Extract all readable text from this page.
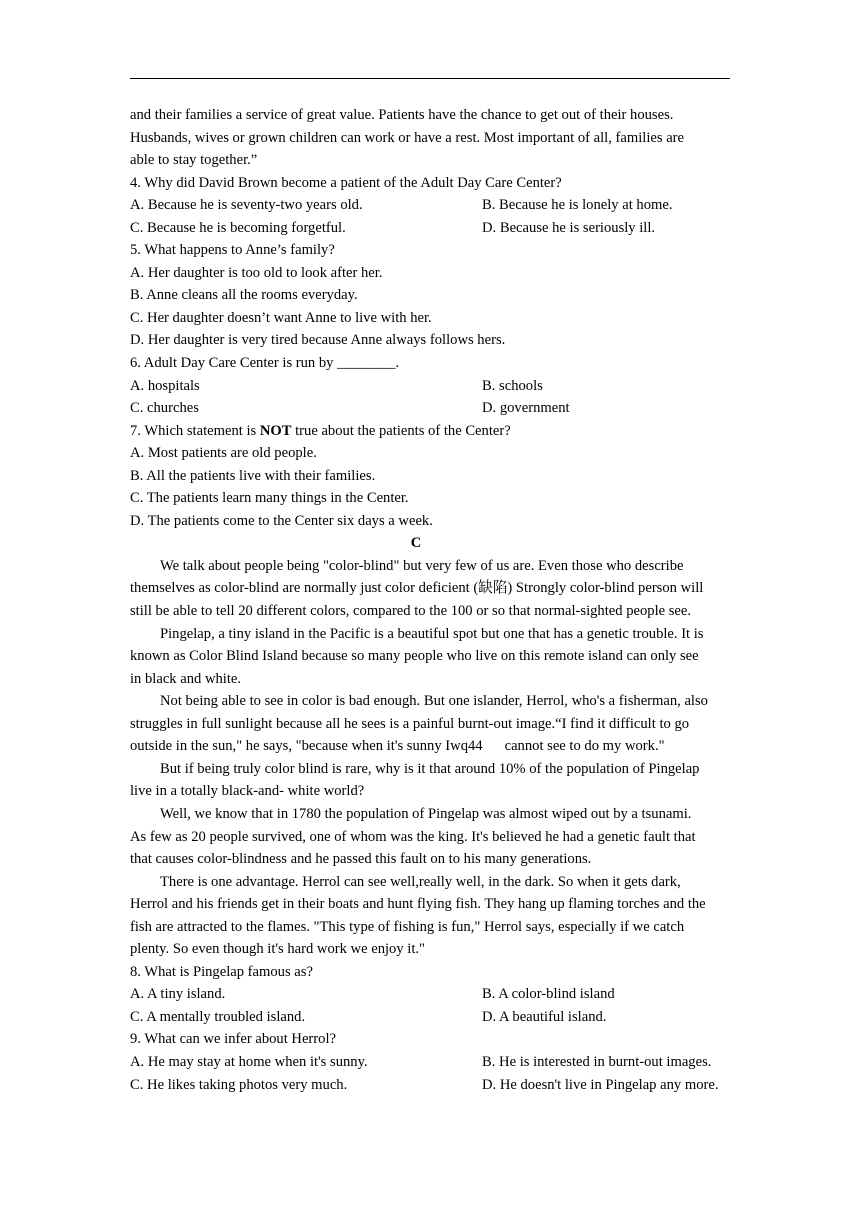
and their families a service of great value. Patients have the chance to get out of their houses.
Husbands, wives or grown children can work or have a rest. Most important of all, families are
able to stay together.”
4. Why did David Brown become a patient of the Adult Day Care Center?
A. Because he is seventy-two years old.	B. Because he is lonely at home.
C. Because he is becoming forgetful.	D. Because he is seriously ill.
5. What happens to Anne’s family?
A. Her daughter is too old to look after her.
B. Anne cleans all the rooms everyday.
C. Her daughter doesn’t want Anne to live with her.
D. Her daughter is very tired because Anne always follows hers.
6. Adult Day Care Center is run by ________.
A. hospitals	B. schools
C. churches	D. government
7. Which statement is NOT true about the patients of the Center?
A. Most patients are old people.
B. All the patients live with their families.
C. The patients learn many things in the Center.
D. The patients come to the Center six days a week.
C
We talk about people being "color-blind" but very few of us are. Even those who describe
themselves as color-blind are normally just color deficient (缺陷) Strongly color-blind person will
still be able to tell 20 different colors, compared to the 100 or so that normal-sighted people see.
Pingelap, a tiny island in the Pacific is a beautiful spot but one that has a genetic trouble. It is
known as Color Blind Island because so many people who live on this remote island can only see
in black and white.
Not being able to see in color is bad enough. But one islander, Herrol, who's a fisherman, also
struggles in full sunlight because all he sees is a painful burnt-out image.“I find it difficult to go
outside in the sun," he says, "because when it's sunny Iwq44 cannot see to do my work."
But if being truly color blind is rare, why is it that around 10% of the population of Pingelap
live in a totally black-and- white world?
Well, we know that in 1780 the population of Pingelap was almost wiped out by a tsunami.
As few as 20 people survived, one of whom was the king. It's believed he had a genetic fault that
that causes color-blindness and he passed this fault on to his many generations.
There is one advantage. Herrol can see well,really well, in the dark. So when it gets dark,
Herrol and his friends get in their boats and hunt flying fish. They hang up flaming torches and the
fish are attracted to the flames. "This type of fishing is fun," Herrol says, especially if we catch
plenty. So even though it's hard work we enjoy it."
8. What is Pingelap famous as?
A. A tiny island.	B. A color-blind island
C. A mentally troubled island.	D. A beautiful island.
9. What can we infer about Herrol?
A. He may stay at home when it's sunny.	B. He is interested in burnt-out images.
C. He likes taking photos very much.	D. He doesn't live in Pingelap any more.
